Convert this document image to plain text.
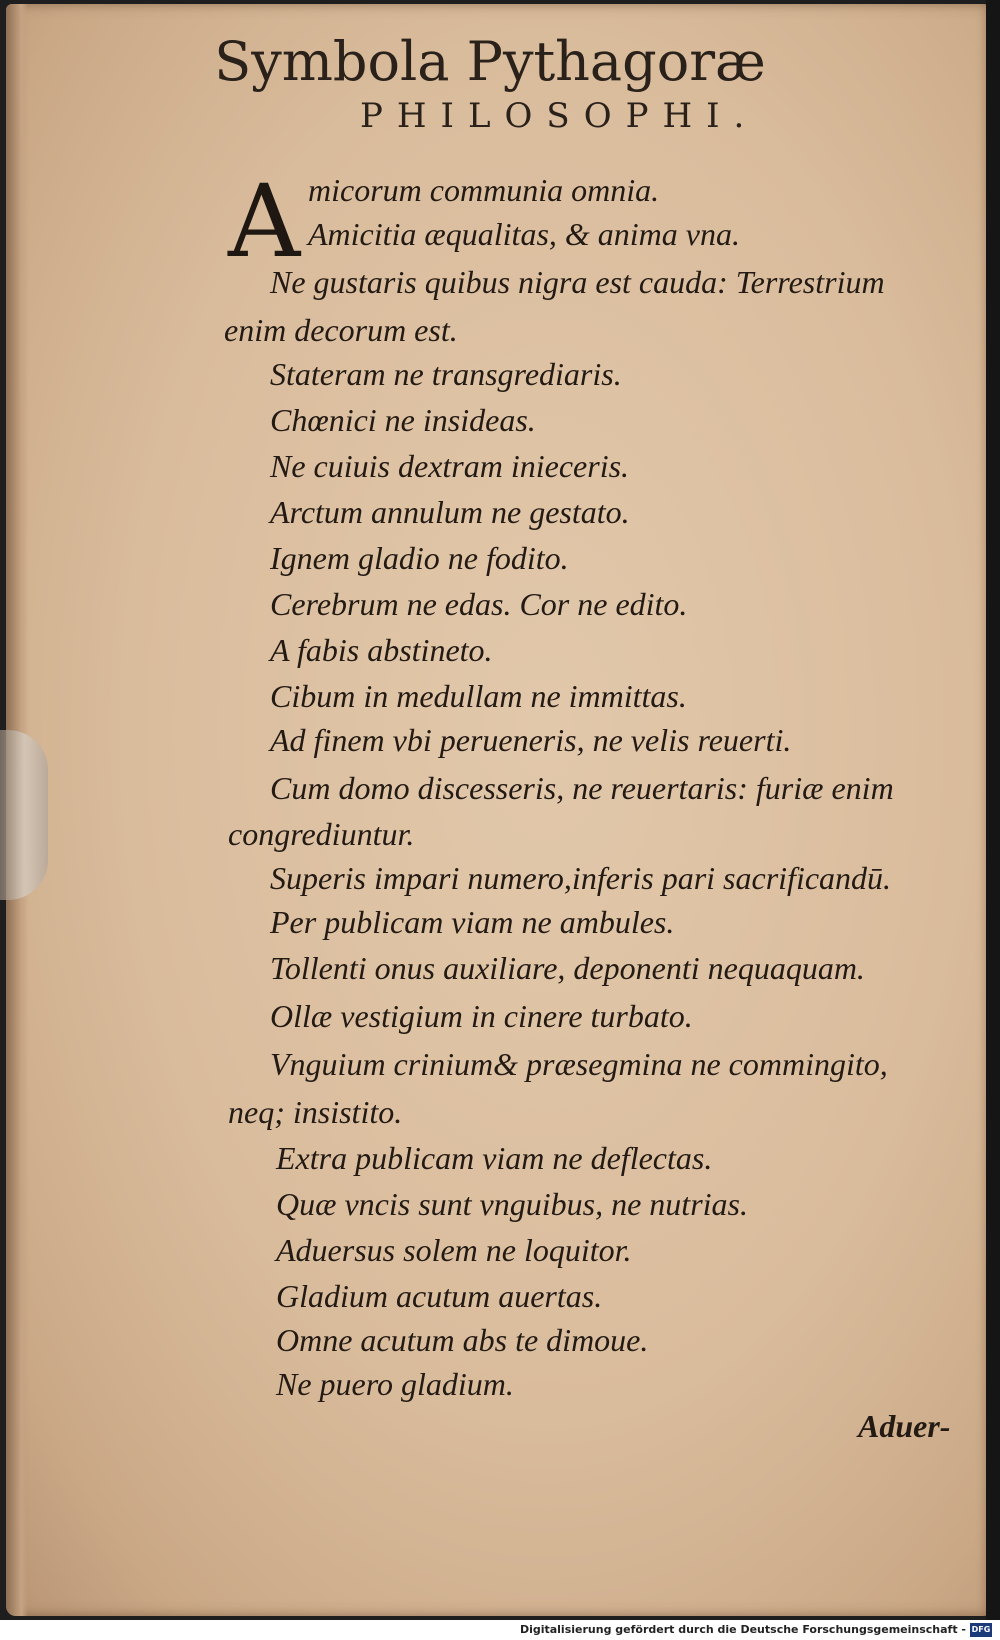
Symbola Pythagoræ
PHILOSOPHI.
A micorum communia omnia.
Amicitia æqualitas, & anima vna.
Ne gustaris quibus nigra est cauda: Terrestrium
enim decorum est.
Stateram ne transgrediaris.
Chœnici ne insideas.
Ne cuiuis dextram inieceris.
Arctum annulum ne gestato.
Ignem gladio ne fodito.
Cerebrum ne edas. Cor ne edito.
A fabis abstineto.
Cibum in medullam ne immittas.
Ad finem vbi perueneris, ne velis reuerti.
Cum domo discesseris, ne reuertaris: furiæ enim
congrediuntur.
Superis impari numero,inferis pari sacrificandū.
Per publicam viam ne ambules.
Tollenti onus auxiliare, deponenti nequaquam.
Ollæ vestigium in cinere turbato.
Vnguium crinium& præsegmina ne commingito,
neq; insistito.
Extra publicam viam ne deflectas.
Quæ vncis sunt vnguibus, ne nutrias.
Aduersus solem ne loquitor.
Gladium acutum auertas.
Omne acutum abs te dimoue.
Ne puero gladium.
Aduer-
Digitalisierung gefördert durch die Deutsche Forschungsgemeinschaft - DFG
